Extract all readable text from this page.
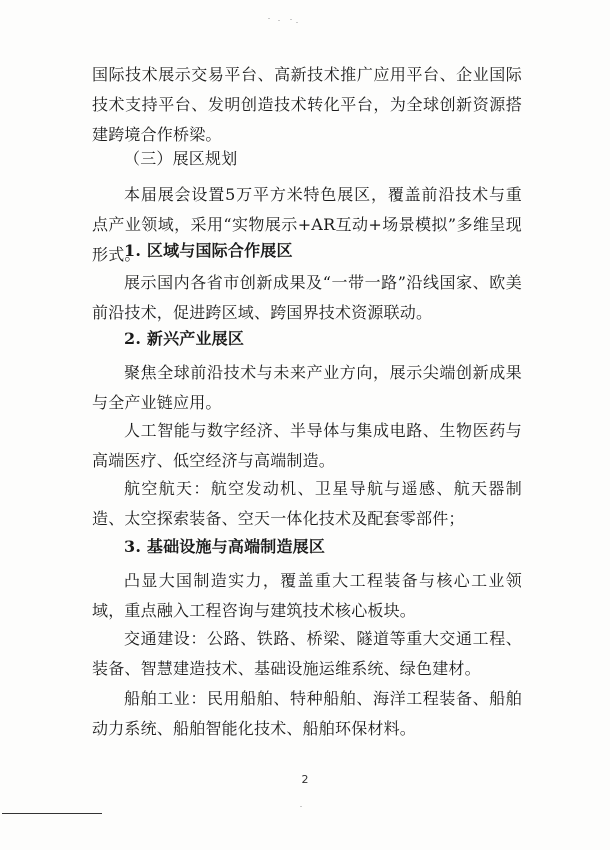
国际技术展示交易平台、高新技术推广应用平台、企业国际技术支持平台、发明创造技术转化平台，为全球创新资源搭建跨境合作桥梁。
（三）展区规划
本届展会设置5万平方米特色展区，覆盖前沿技术与重点产业领域，采用“实物展示+AR互动+场景模拟”多维呈现形式。
1. 区域与国际合作展区
展示国内各省市创新成果及“一带一路”沿线国家、欧美前沿技术，促进跨区域、跨国界技术资源联动。
2. 新兴产业展区
聚焦全球前沿技术与未来产业方向，展示尖端创新成果与全产业链应用。
人工智能与数字经济、半导体与集成电路、生物医药与高端医疗、低空经济与高端制造。
航空航天：航空发动机、卫星导航与遥感、航天器制造、太空探索装备、空天一体化技术及配套零部件；
3. 基础设施与高端制造展区
凸显大国制造实力，覆盖重大工程装备与核心工业领域，重点融入工程咨询与建筑技术核心板块。
交通建设：公路、铁路、桥梁、隧道等重大交通工程、装备、智慧建造技术、基础设施运维系统、绿色建材。
船舶工业：民用船舶、特种船舶、海洋工程装备、船舶动力系统、船舶智能化技术、船舶环保材料。
2
